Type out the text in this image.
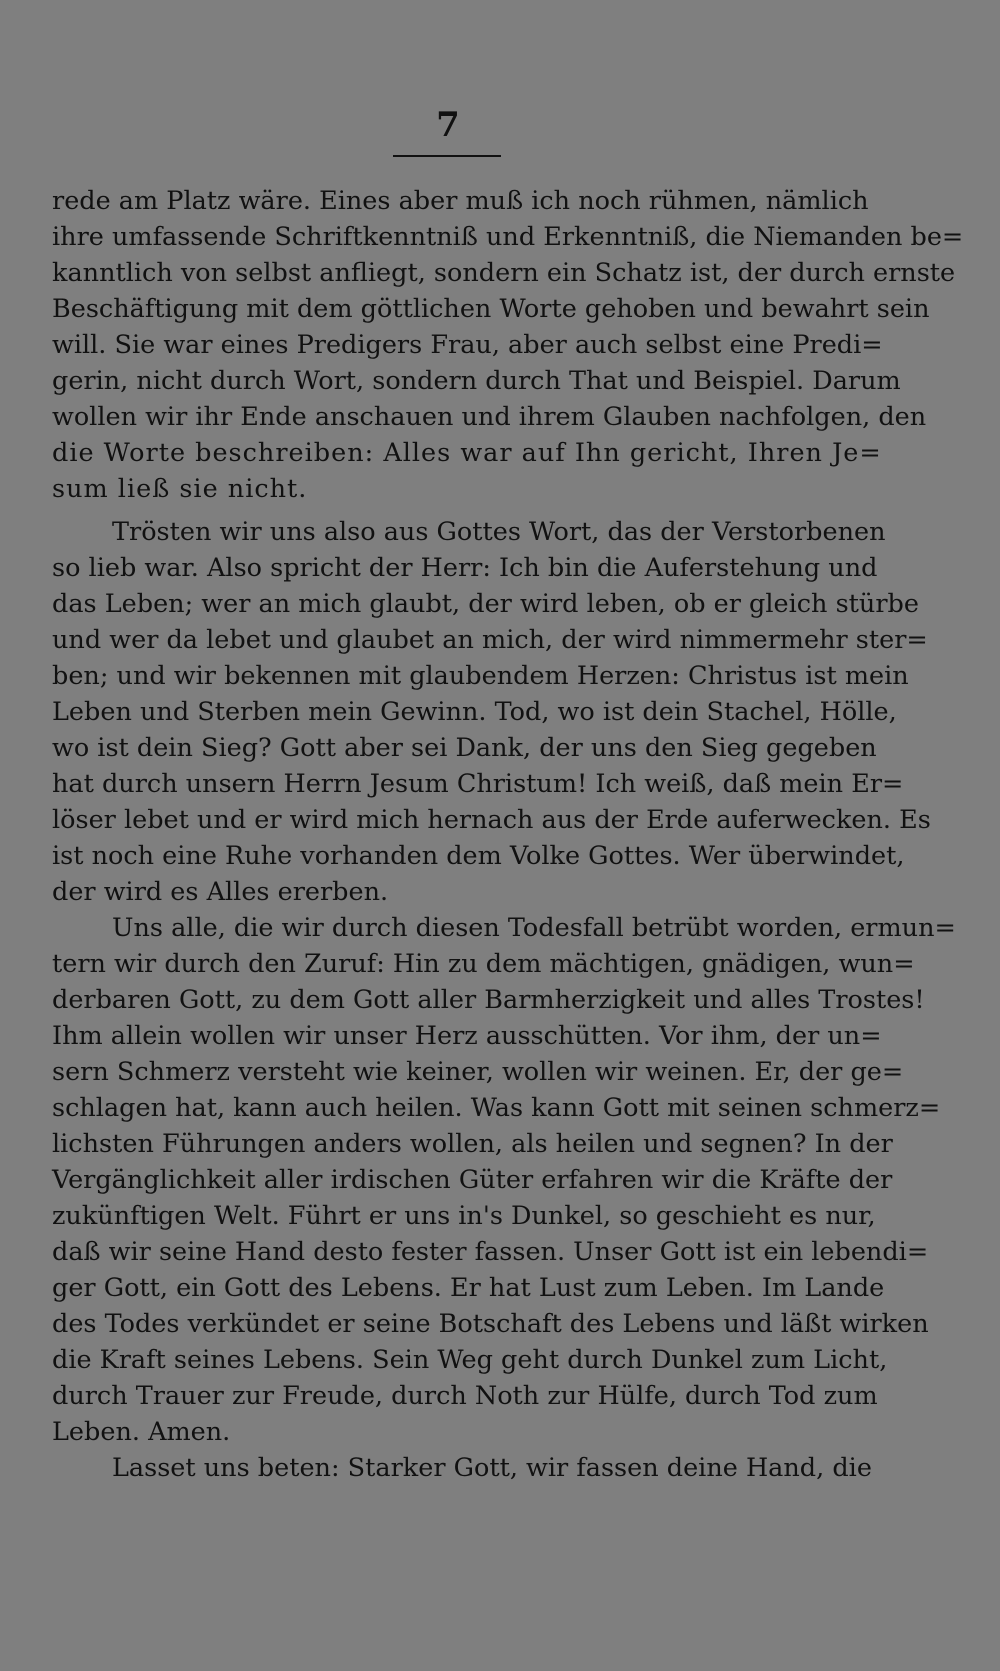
7
rede am Platz wäre. Eines aber muß ich noch rühmen, nämlich
ihre umfassende Schriftkenntniß und Erkenntniß, die Niemanden be=
kanntlich von selbst anfliegt, sondern ein Schatz ist, der durch ernste
Beschäftigung mit dem göttlichen Worte gehoben und bewahrt sein
will. Sie war eines Predigers Frau, aber auch selbst eine Predi=
gerin, nicht durch Wort, sondern durch That und Beispiel. Darum
wollen wir ihr Ende anschauen und ihrem Glauben nachfolgen, den
die Worte beschreiben: Alles war auf Ihn gericht, Ihren Je=
sum ließ sie nicht.
Trösten wir uns also aus Gottes Wort, das der Verstorbenen
so lieb war. Also spricht der Herr: Ich bin die Auferstehung und
das Leben; wer an mich glaubt, der wird leben, ob er gleich stürbe
und wer da lebet und glaubet an mich, der wird nimmermehr ster=
ben; und wir bekennen mit glaubendem Herzen: Christus ist mein
Leben und Sterben mein Gewinn. Tod, wo ist dein Stachel, Hölle,
wo ist dein Sieg? Gott aber sei Dank, der uns den Sieg gegeben
hat durch unsern Herrn Jesum Christum! Ich weiß, daß mein Er=
löser lebet und er wird mich hernach aus der Erde auferwecken. Es
ist noch eine Ruhe vorhanden dem Volke Gottes. Wer überwindet,
der wird es Alles ererben.
Uns alle, die wir durch diesen Todesfall betrübt worden, ermun=
tern wir durch den Zuruf: Hin zu dem mächtigen, gnädigen, wun=
derbaren Gott, zu dem Gott aller Barmherzigkeit und alles Trostes!
Ihm allein wollen wir unser Herz ausschütten. Vor ihm, der un=
sern Schmerz versteht wie keiner, wollen wir weinen. Er, der ge=
schlagen hat, kann auch heilen. Was kann Gott mit seinen schmerz=
lichsten Führungen anders wollen, als heilen und segnen? In der
Vergänglichkeit aller irdischen Güter erfahren wir die Kräfte der
zukünftigen Welt. Führt er uns in's Dunkel, so geschieht es nur,
daß wir seine Hand desto fester fassen. Unser Gott ist ein lebendi=
ger Gott, ein Gott des Lebens. Er hat Lust zum Leben. Im Lande
des Todes verkündet er seine Botschaft des Lebens und läßt wirken
die Kraft seines Lebens. Sein Weg geht durch Dunkel zum Licht,
durch Trauer zur Freude, durch Noth zur Hülfe, durch Tod zum
Leben. Amen.
Lasset uns beten: Starker Gott, wir fassen deine Hand, die
